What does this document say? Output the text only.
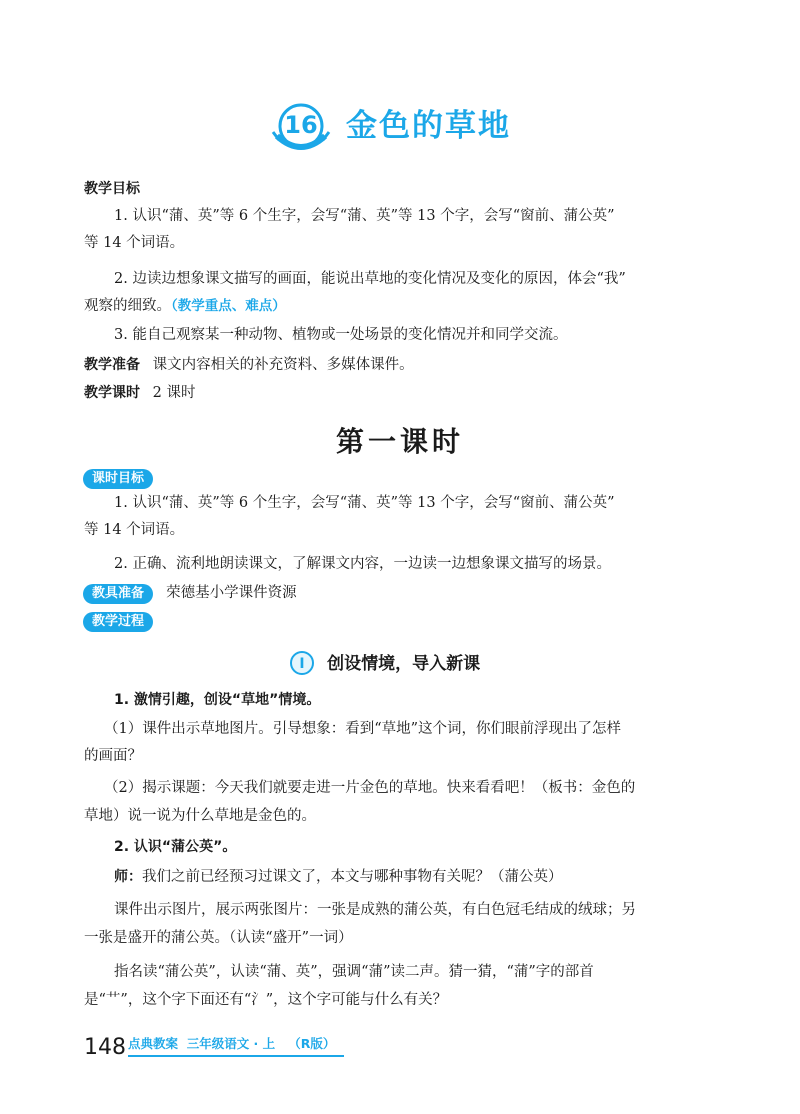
16 金色的草地
教学目标
1. 认识“蒲、英”等 6 个生字，会写“蒲、英”等 13 个字，会写“窗前、蒲公英”
等 14 个词语。
2. 边读边想象课文描写的画面，能说出草地的变化情况及变化的原因，体会“我”
观察的细致。（教学重点、难点）
3. 能自己观察某一种动物、植物或一处场景的变化情况并和同学交流。
教学准备 课文内容相关的补充资料、多媒体课件。
教学课时 2 课时
第一课时
课时目标
1. 认识“蒲、英”等 6 个生字，会写“蒲、英”等 13 个字，会写“窗前、蒲公英”
等 14 个词语。
2. 正确、流利地朗读课文，了解课文内容，一边读一边想象课文描写的场景。
教具准备 荣德基小学课件资源
教学过程
I 创设情境，导入新课
1. 激情引趣，创设“草地”情境。
（1）课件出示草地图片。引导想象：看到“草地”这个词，你们眼前浮现出了怎样
的画面？
（2）揭示课题：今天我们就要走进一片金色的草地。快来看看吧！（板书：金色的
草地）说一说为什么草地是金色的。
2. 认识“蒲公英”。
师：我们之前已经预习过课文了，本文与哪种事物有关呢？（蒲公英）
课件出示图片，展示两张图片：一张是成熟的蒲公英，有白色冠毛结成的绒球；另
一张是盛开的蒲公英。（认读“盛开”一词）
指名读“蒲公英”，认读“蒲、英”，强调“蒲”读二声。猜一猜，“蒲”字的部首
是“艹”，这个字下面还有“氵”，这个字可能与什么有关？
148 点典教案  三年级语文 · 上   （R版）
